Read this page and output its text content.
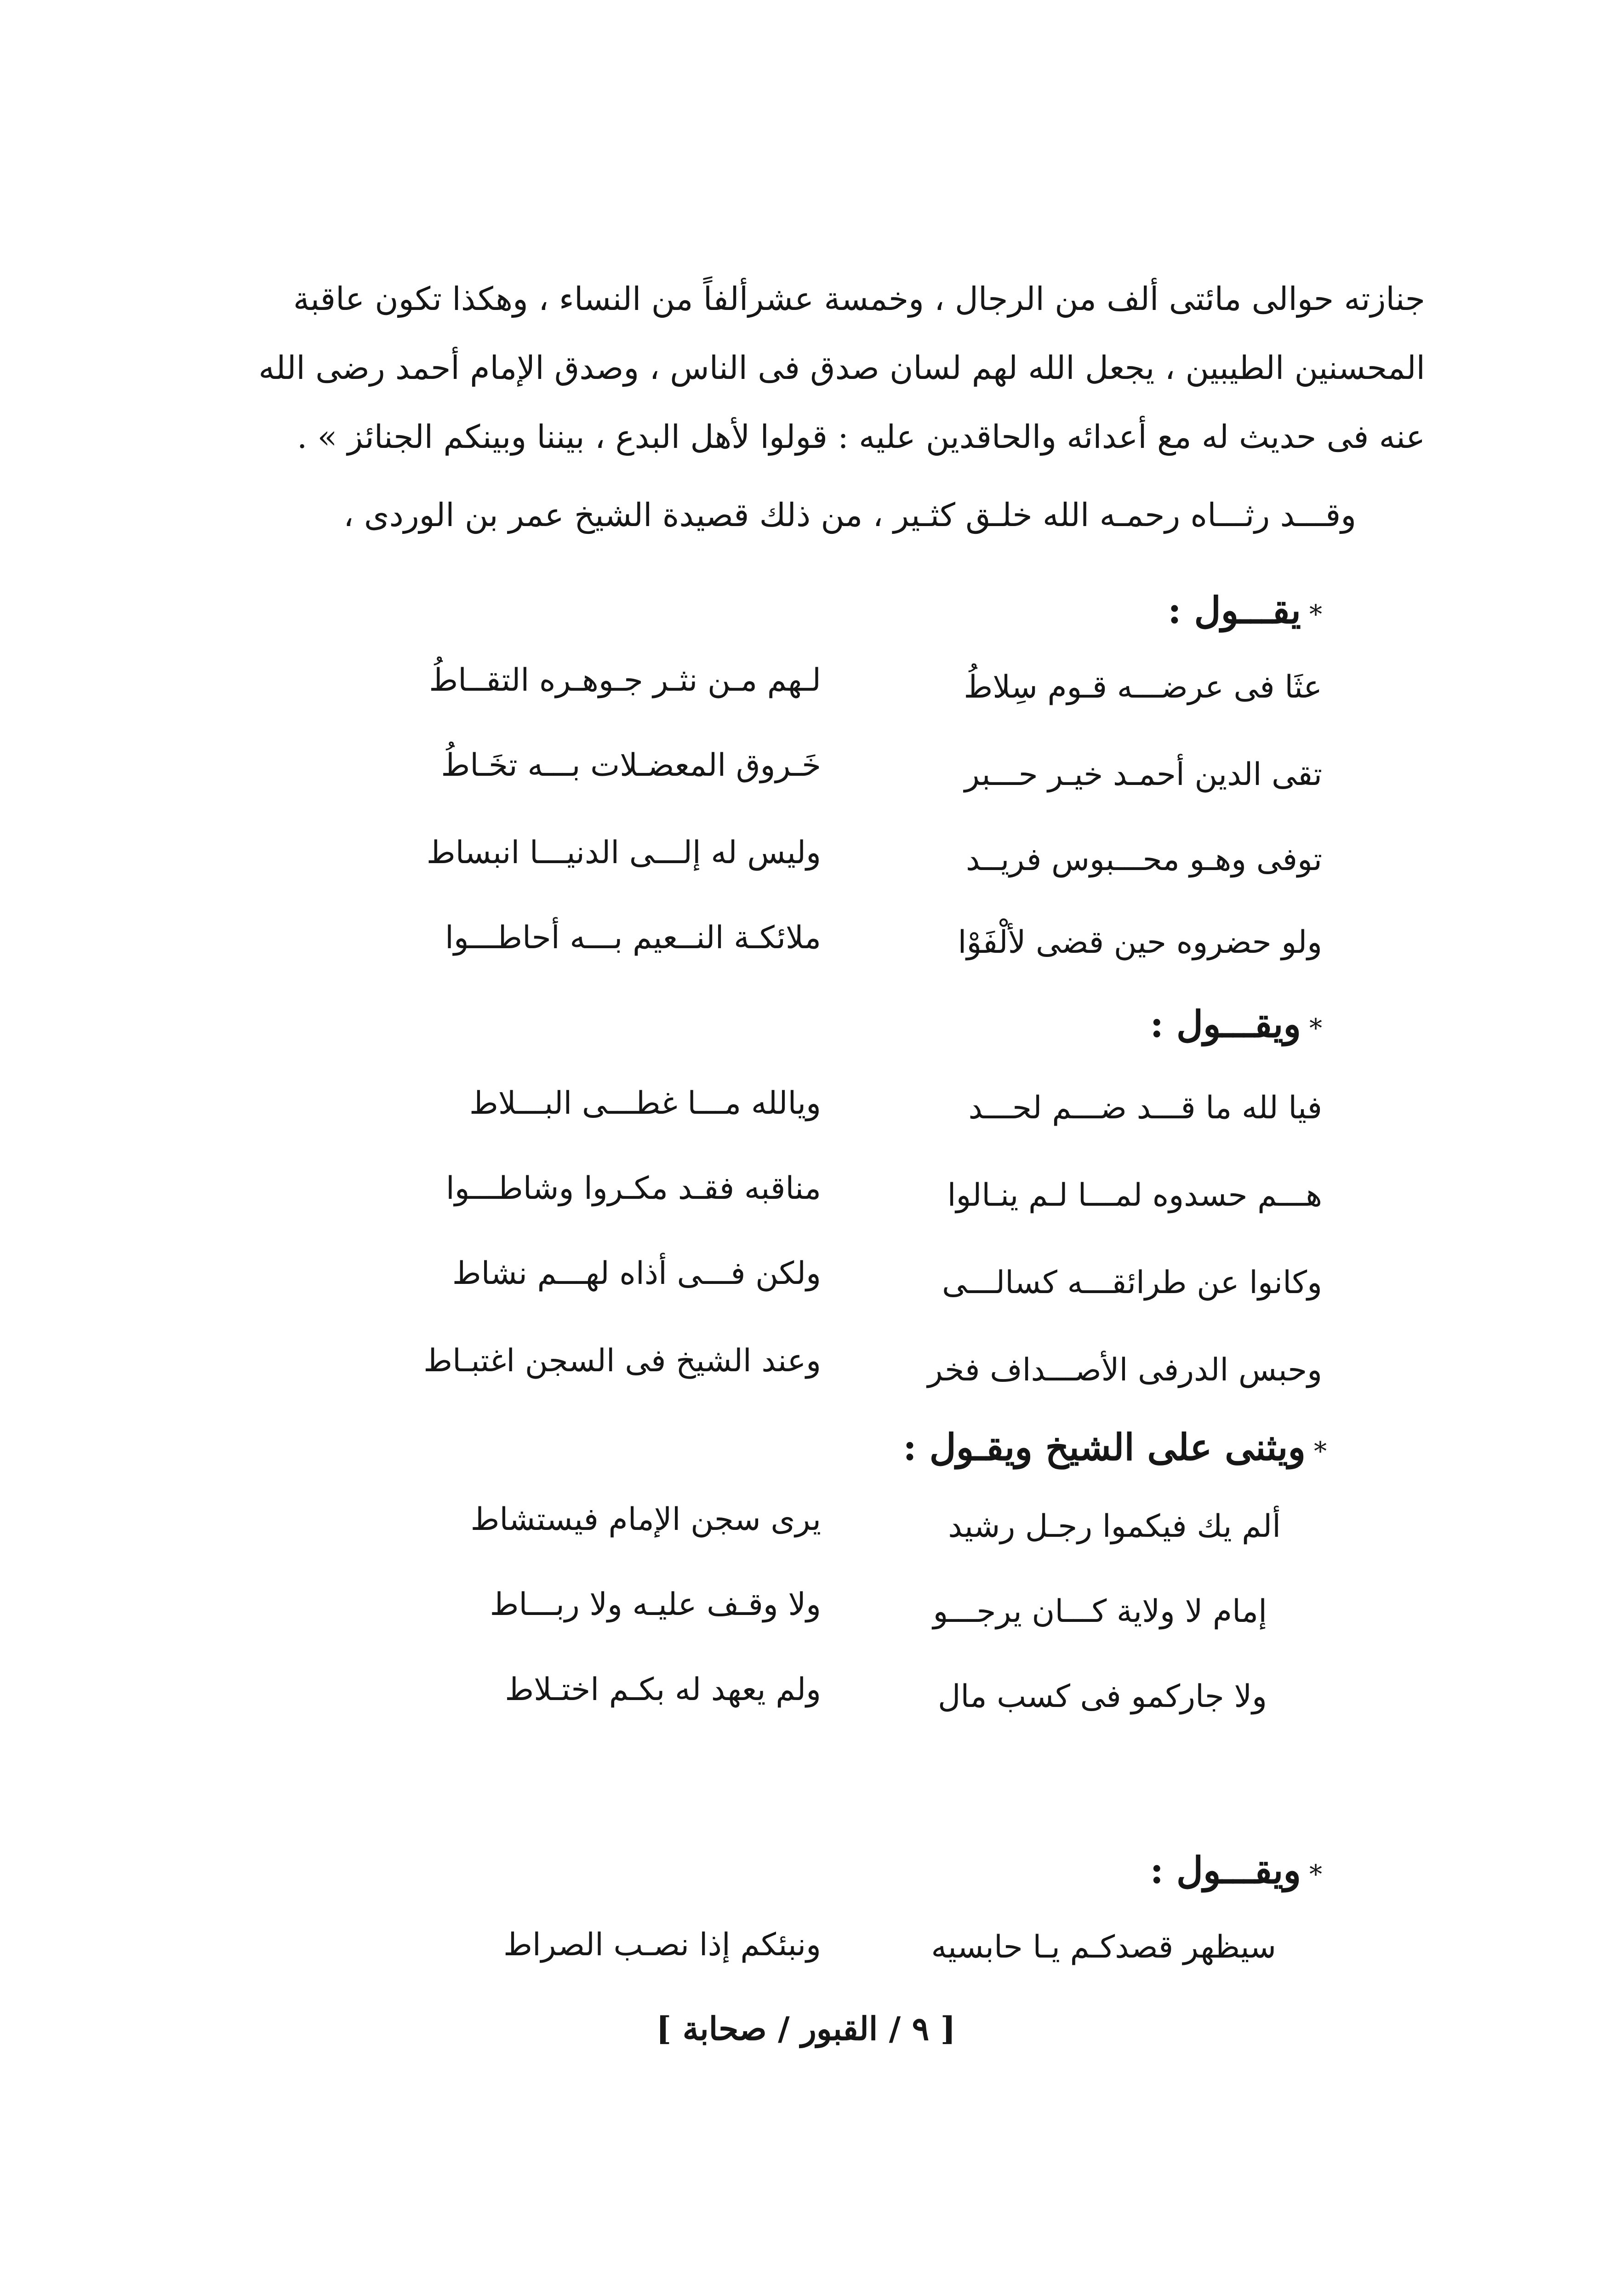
جنازته حوالى مائتى ألف من الرجال ، وخمسة عشرألفاً من النساء ، وهكذا تكون عاقبة
المحسنين الطيبين ، يجعل الله لهم لسان صدق فى الناس ، وصدق الإمام أحمد رضى الله
عنه فى حديث له مع أعدائه والحاقدين عليه : قولوا لأهل البدع ، بيننا وبينكم الجنائز » .
وقـــد رثـــاه رحمـه الله خلـق كثـير ، من ذلك قصيدة الشيخ عمر بن الوردى ،
*يقـــول :
عثَا فى عرضـــه قـوم سِلاطُ
لـهم مـن نثـر جـوهـره التقــاطُ
تقى الدين أحمـد خيـر حـــبر
خَـروق المعضـلات بـــه تخَـاطُ
توفى وهـو محـــبوس فريــد
وليس له إلـــى الدنيـــا انبساط
ولو حضروه حين قضى لألْفَوْا
ملائكـة النــعيم بـــه أحاطـــوا
*ويقـــول :
فيا لله ما قـــد ضـــم لحـــد
ويالله مـــا غطـــى البـــلاط
هـــم حسدوه لمـــا لـم ينـالوا
مناقبه فقـد مكـروا وشاطـــوا
وكانوا عن طرائقـــه كسالـــى
ولكن فـــى أذاه لهـــم نشاط
وحبس الدرفى الأصـــداف فخر
وعند الشيخ فى السجن اغتبـاط
*ويثنى على الشيخ ويقـول :
ألم يك فيكموا رجـل رشيد
يرى سجن الإمام فيستشاط
إمام لا ولاية كـــان يرجـــو
ولا وقـف عليـه ولا ربـــاط
ولا جاركمو فى كسب مال
ولم يعهد له بكـم اختـلاط
*ويقـــول :
سيظهر قصدكـم يـا حابسيه
ونبئكم إذا نصـب الصراط
[ ٩ / القبور / صحابة ]
